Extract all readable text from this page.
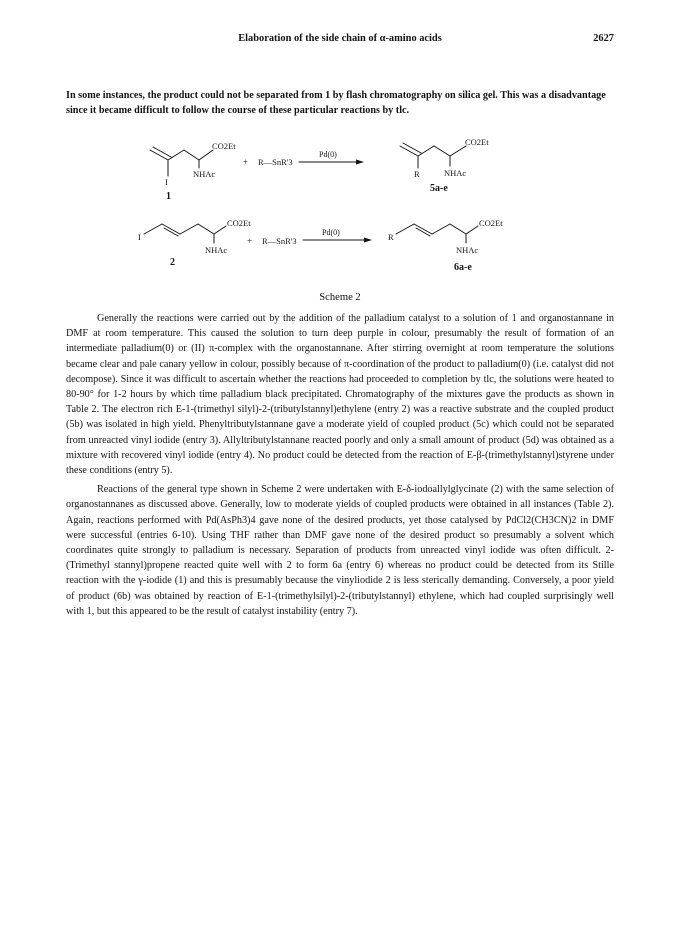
Elaboration of the side chain of α-amino acids	2627
In some instances, the product could not be separated from 1 by flash chromatography on silica gel. This was a disadvantage since it became difficult to follow the course of these particular reactions by tlc.
CO2Et
NHAc
I
1
+ R—SnR'3
Pd(0)
CO2Et
NHAc
R
5a-e
I
CO2Et
NHAc
2
+ R—SnR'3
Pd(0)	R
CO2Et
NHAc
6a-e
Scheme 2

Generally the reactions were carried out by the addition of the palladium catalyst to a solution of 1 and organostannane in DMF at room temperature. This caused the solution to turn deep purple in colour, presumably the result of formation of an intermediate palladium(0) or (II) π-complex with the organostannane. After stirring overnight at room temperature the solutions became clear and pale canary yellow in colour, possibly because of π-coordination of the product to palladium(0) (i.e. catalyst did not decompose). Since it was difficult to ascertain whether the reactions had proceeded to completion by tlc, the solutions were heated to 80-90° for 1-2 hours by which time palladium black precipitated. Chromatography of the mixtures gave the products as shown in Table 2. The electron rich E-1-(trimethyl silyl)-2-(tributylstannyl)ethylene (entry 2) was a reactive substrate and the coupled product (5b) was isolated in high yield. Phenyltributylstannane gave a moderate yield of coupled product (5c) which could not be separated from unreacted vinyl iodide (entry 3). Allyltributylstannane reacted poorly and only a small amount of product (5d) was obtained as a mixture with recovered vinyl iodide (entry 4). No product could be detected from the reaction of E-β-(trimethylstannyl)styrene under these conditions (entry 5).

Reactions of the general type shown in Scheme 2 were undertaken with E-δ-iodoallylglycinate (2) with the same selection of organostannanes as discussed above. Generally, low to moderate yields of coupled products were obtained in all instances (Table 2). Again, reactions performed with Pd(AsPh3)4 gave none of the desired products, yet those catalysed by PdCl2(CH3CN)2 in DMF were successful (entries 6-10). Using THF rather than DMF gave none of the desired product so presumably a solvent which coordinates quite strongly to palladium is necessary. Separation of products from unreacted vinyl iodide was often difficult. 2-(Trimethyl stannyl)propene reacted quite well with 2 to form 6a (entry 6) whereas no product could be detected from its Stille reaction with the γ-iodide (1) and this is presumably because the vinyliodide 2 is less sterically demanding. Conversely, a poor yield of product (6b) was obtained by reaction of E-1-(trimethylsilyl)-2-(tributylstannyl) ethylene, which had coupled surprisingly well with 1, but this appeared to be the result of catalyst instability (entry 7).
